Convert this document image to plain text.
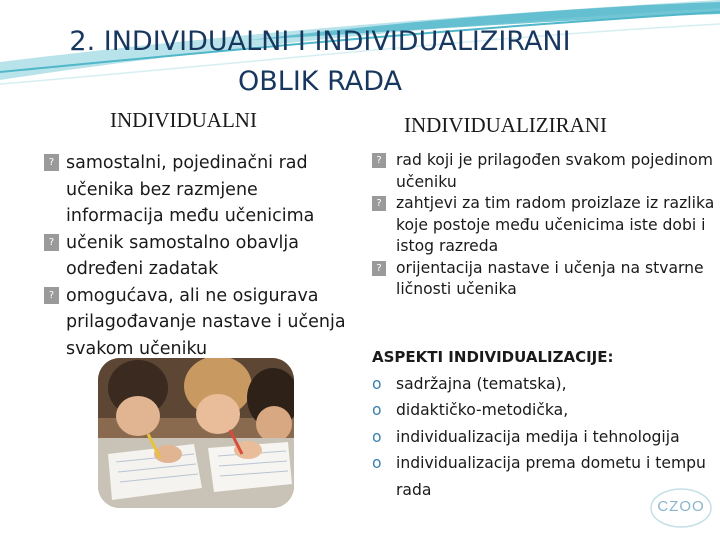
2. INDIVIDUALNI I INDIVIDUALIZIRANI
OBLIK RADA
INDIVIDUALNI	INDIVIDUALIZIRANI
? samostalni, pojedinačni rad učenika bez razmjene informacija među učenicima
? učenik samostalno obavlja određeni zadatak
? omogućava, ali ne osigurava prilagođavanje nastave i učenja svakom učeniku
? rad koji je prilagođen svakom pojedinom učeniku
? zahtjevi za tim radom proizlaze iz razlika koje postoje među učenicima iste dobi i istog razreda
? orijentacija nastave i učenja na stvarne ličnosti učenika
ASPEKTI INDIVIDUALIZACIJE:
o sadržajna (tematska),
o didaktičko-metodička,
o individualizacija medija i tehnologija
o individualizacija prema dometu i tempu rada
CZOO
